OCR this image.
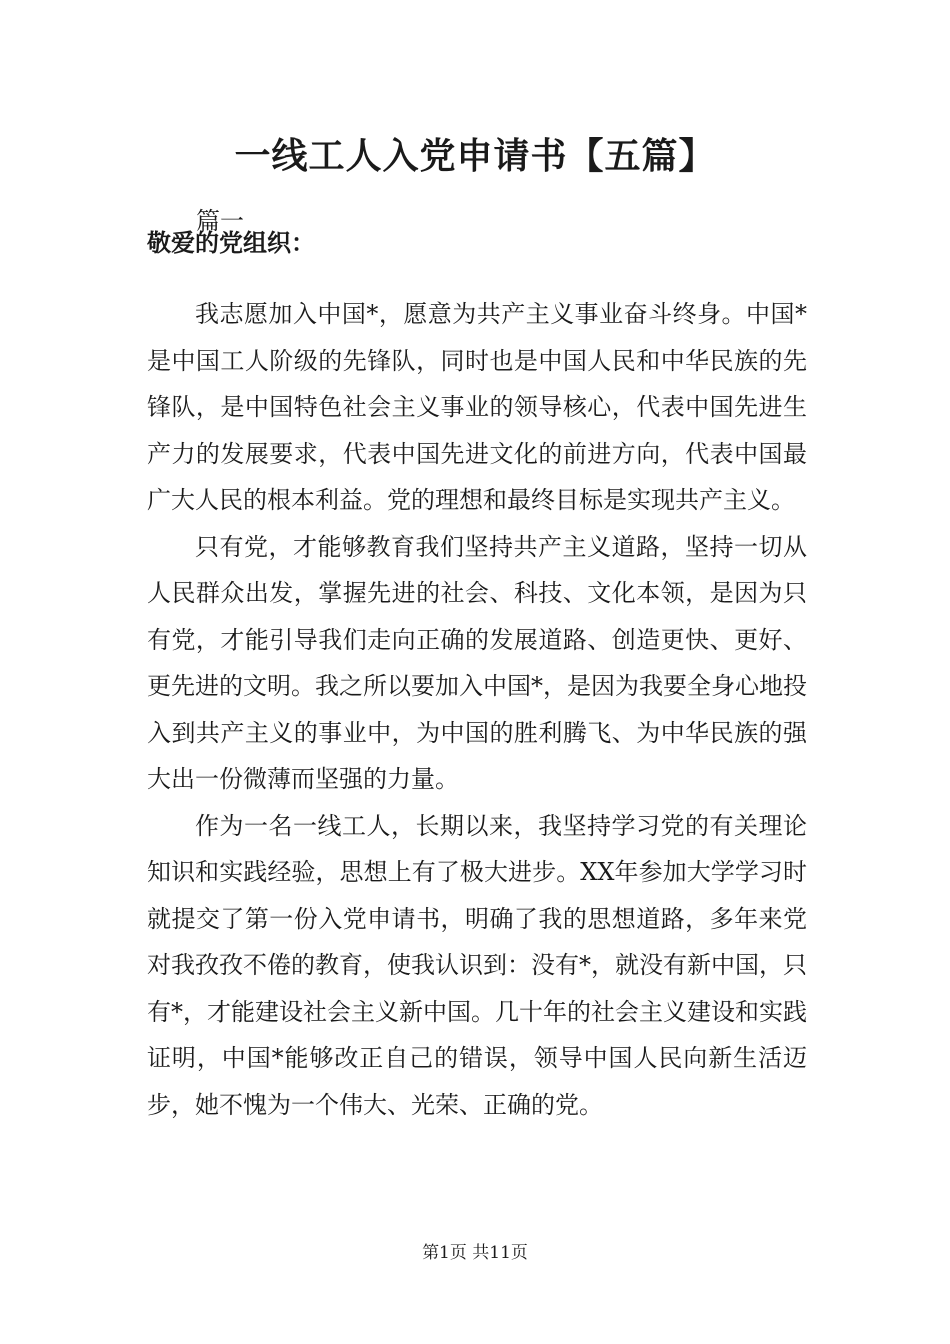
一线工人入党申请书【五篇】
篇一
敬爱的党组织：

我志愿加入中国*，愿意为共产主义事业奋斗终身。中国*是中国工人阶级的先锋队，同时也是中国人民和中华民族的先锋队，是中国特色社会主义事业的领导核心，代表中国先进生产力的发展要求，代表中国先进文化的前进方向，代表中国最广大人民的根本利益。党的理想和最终目标是实现共产主义。

只有党，才能够教育我们坚持共产主义道路，坚持一切从人民群众出发，掌握先进的社会、科技、文化本领，是因为只有党，才能引导我们走向正确的发展道路、创造更快、更好、更先进的文明。我之所以要加入中国*，是因为我要全身心地投入到共产主义的事业中，为中国的胜利腾飞、为中华民族的强大出一份微薄而坚强的力量。

作为一名一线工人，长期以来，我坚持学习党的有关理论知识和实践经验，思想上有了极大进步。XX年参加大学学习时就提交了第一份入党申请书，明确了我的思想道路，多年来党对我孜孜不倦的教育，使我认识到：没有*，就没有新中国，只有*，才能建设社会主义新中国。几十年的社会主义建设和实践证明，中国*能够改正自己的错误，领导中国人民向新生活迈步，她不愧为一个伟大、光荣、正确的党。

第1页 共11页
